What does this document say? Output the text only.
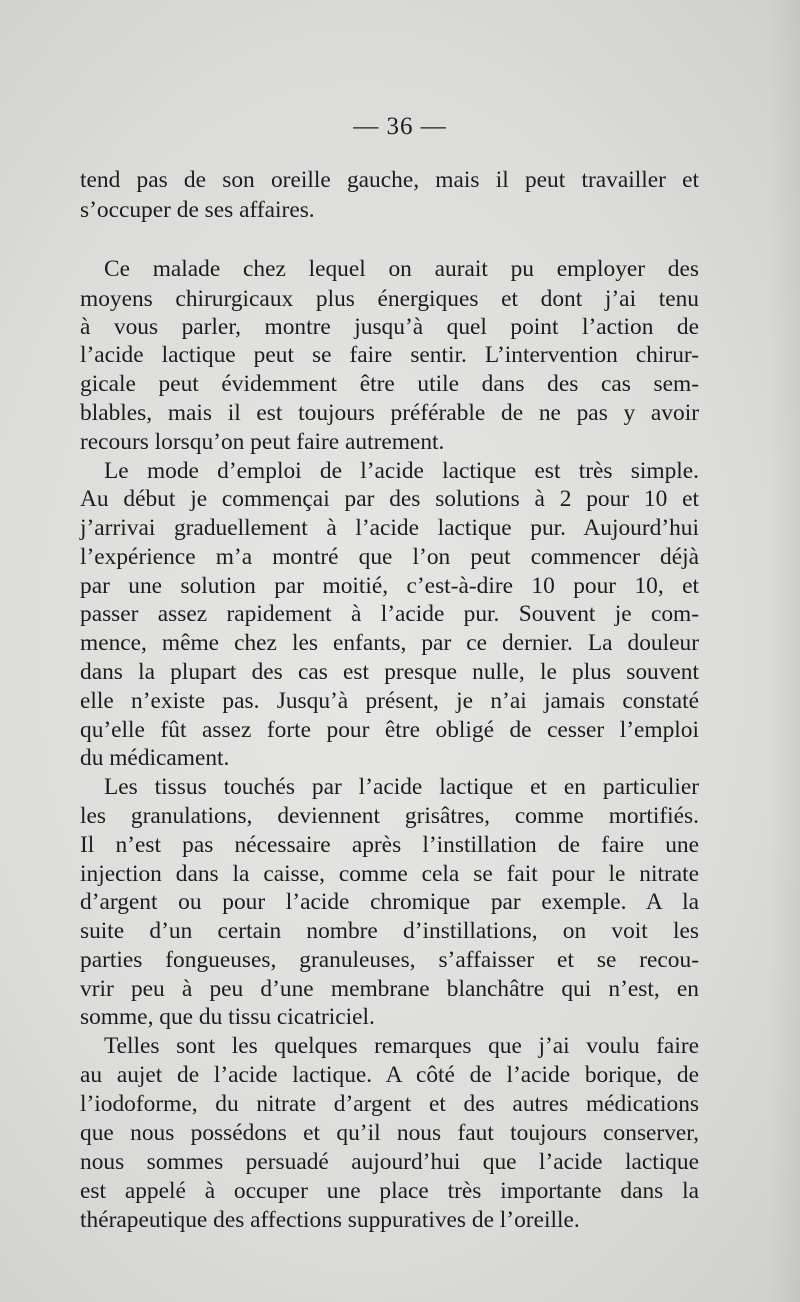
— 36 —
tend pas de son oreille gauche, mais il peut travailler et
s’occuper de ses affaires.
Ce malade chez lequel on aurait pu employer des
moyens chirurgicaux plus énergiques et dont j’ai tenu
à vous parler, montre jusqu’à quel point l’action de
l’acide lactique peut se faire sentir. L’intervention chirur-
gicale peut évidemment être utile dans des cas sem-
blables, mais il est toujours préférable de ne pas y avoir
recours lorsqu’on peut faire autrement.
Le mode d’emploi de l’acide lactique est très simple.
Au début je commençai par des solutions à 2 pour 10 et
j’arrivai graduellement à l’acide lactique pur. Aujourd’hui
l’expérience m’a montré que l’on peut commencer déjà
par une solution par moitié, c’est-à-dire 10 pour 10, et
passer assez rapidement à l’acide pur. Souvent je com-
mence, même chez les enfants, par ce dernier. La douleur
dans la plupart des cas est presque nulle, le plus souvent
elle n’existe pas. Jusqu’à présent, je n’ai jamais constaté
qu’elle fût assez forte pour être obligé de cesser l’emploi
du médicament.
Les tissus touchés par l’acide lactique et en particulier
les granulations, deviennent grisâtres, comme mortifiés.
Il n’est pas nécessaire après l’instillation de faire une
injection dans la caisse, comme cela se fait pour le nitrate
d’argent ou pour l’acide chromique par exemple. A la
suite d’un certain nombre d’instillations, on voit les
parties fongueuses, granuleuses, s’affaisser et se recou-
vrir peu à peu d’une membrane blanchâtre qui n’est, en
somme, que du tissu cicatriciel.
Telles sont les quelques remarques que j’ai voulu faire
au aujet de l’acide lactique. A côté de l’acide borique, de
l’iodoforme, du nitrate d’argent et des autres médications
que nous possédons et qu’il nous faut toujours conserver,
nous sommes persuadé aujourd’hui que l’acide lactique
est appelé à occuper une place très importante dans la
thérapeutique des affections suppuratives de l’oreille.
